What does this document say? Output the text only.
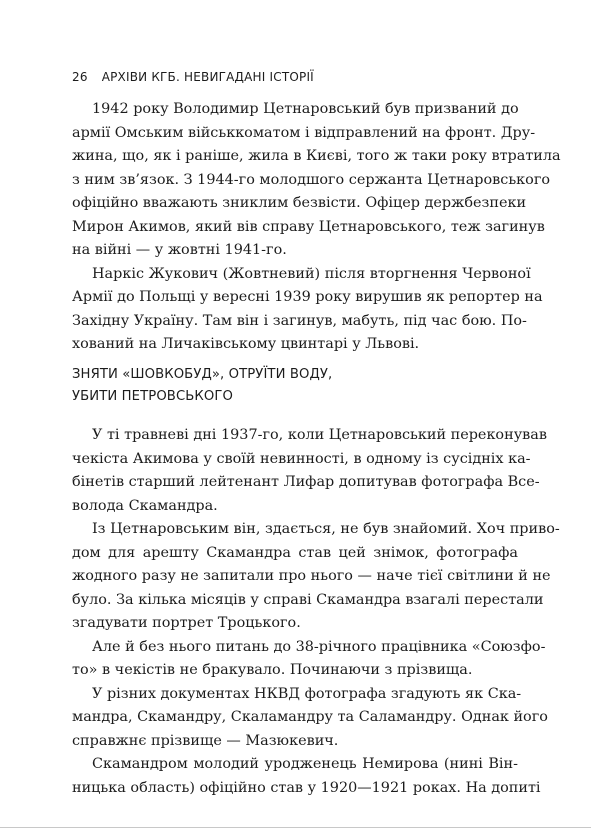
26 АРХІВИ КГБ. НЕВИГАДАНІ ІСТОРІЇ
1942 року Володимир Цетнаровський був призваний до
армії Омським військкоматом і відправлений на фронт. Дру-
жина, що, як і раніше, жила в Києві, того ж таки року втратила
з ним зв’язок. З 1944-го молодшого сержанта Цетнаровського
офіційно вважають зниклим безвісти. Офіцер держбезпеки
Мирон Акимов, який вів справу Цетнаровського, теж загинув
на війні — у жовтні 1941-го.
Наркіс Жукович (Жовтневий) після вторгнення Червоної
Армії до Польщі у вересні 1939 року вирушив як репортер на
Західну Україну. Там він і загинув, мабуть, під час бою. По-
хований на Личаківському цвинтарі у Львові.
ЗНЯТИ «ШОВКОБУД», ОТРУЇТИ ВОДУ,
УБИТИ ПЕТРОВСЬКОГО
У ті травневі дні 1937-го, коли Цетнаровський переконував
чекіста Акимова у своїй невинності, в одному із сусідніх ка-
бінетів старший лейтенант Лифар допитував фотографа Все-
волода Скамандра.
Із Цетнаровським він, здається, не був знайомий. Хоч приво-
дом для арешту Скамандра став цей знімок, фотографа
жодного разу не запитали про нього — наче тієї світлини й не
було. За кілька місяців у справі Скамандра взагалі перестали
згадувати портрет Троцького.
Але й без нього питань до 38-річного працівника «Союзфо-
то» в чекістів не бракувало. Починаючи з прізвища.
У різних документах НКВД фотографа згадують як Ска-
мандра, Скамандру, Скаламандру та Саламандру. Однак його
справжнє прізвище — Мазюкевич.
Скамандром молодий уродженець Немирова (нині Він-
ницька область) офіційно став у 1920—1921 роках. На допиті
